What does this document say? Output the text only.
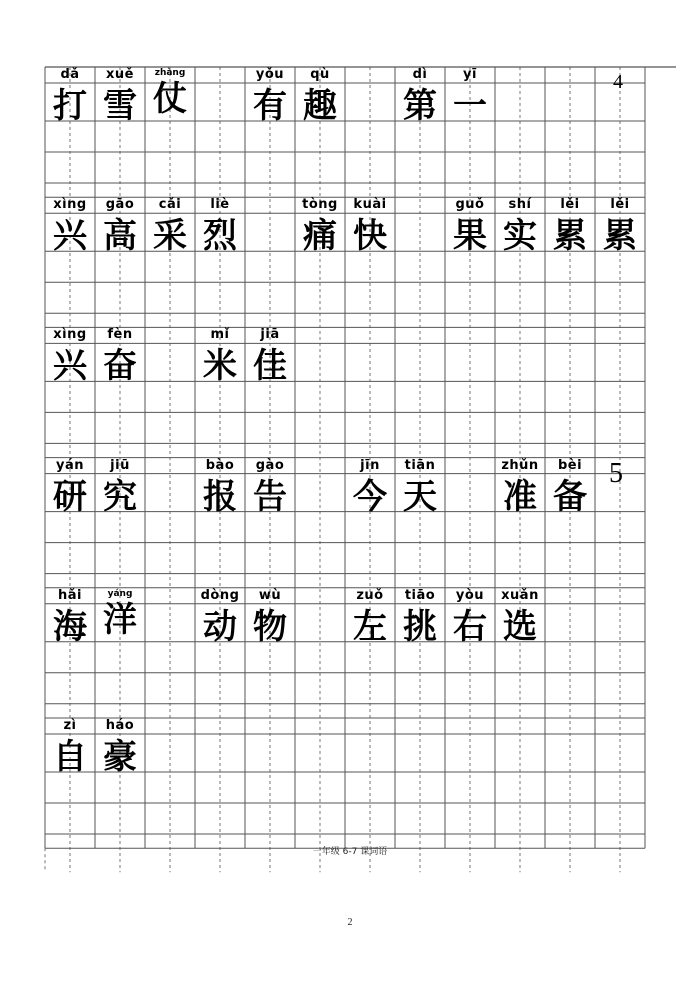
dǎ
打
xuě
雪
zhàng
仗
yǒu
有
qù
趣
dì
第
yī
一
4
xìng
兴
gāo
高
cǎi
采
liè
烈
tòng
痛
kuài
快
guǒ
果
shí
实
lěi
累
lěi
累
xìng
兴
fèn
奋
mǐ
米
jiā
佳
yán
研
jiū
究
bào
报
gào
告
jīn
今
tiān
天
zhǔn
准
bèi
备
5
hǎi
海
yáng
洋
dòng
动
wù
物
zuǒ
左
tiāo
挑
yòu
右
xuǎn
选
zì
自
háo
豪
一年级 6-7 课词语
2
